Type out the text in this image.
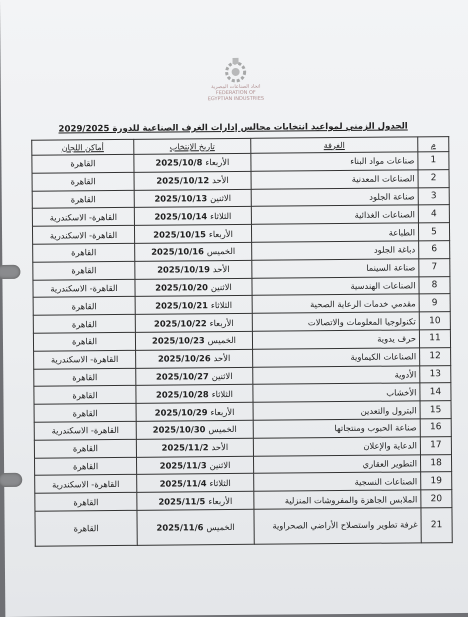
اتحاد الصناعات المصرية
FEDERATION OF EGYPTIAN INDUSTRIES
الجدول الزمني لمواعيد انتخابات مجالس إدارات الغرف الصناعية للدورة 2029/2025
م	الغرفة	تاريخ الإنتخاب	أماكن اللجان
1	صناعات مواد البناء	الأربعاء 2025/10/8	القاهرة
2	الصناعات المعدنية	الأحد 2025/10/12	القاهرة
3	صناعة الجلود	الاثنين 2025/10/13	القاهرة
4	الصناعات الغذائية	الثلاثاء 2025/10/14	القاهرة- الاسكندرية
5	الطباعة	الأربعاء 2025/10/15	القاهرة- الاسكندرية
6	دباغة الجلود	الخميس 2025/10/16	القاهرة
7	صناعة السينما	الأحد 2025/10/19	القاهرة
8	الصناعات الهندسية	الاثنين 2025/10/20	القاهرة- الاسكندرية
9	مقدمي خدمات الرعاية الصحية	الثلاثاء 2025/10/21	القاهرة
10	تكنولوجيا المعلومات والاتصالات	الأربعاء 2025/10/22	القاهرة
11	حرف يدوية	الخميس 2025/10/23	القاهرة
12	الصناعات الكيماوية	الأحد 2025/10/26	القاهرة- الاسكندرية
13	الأدوية	الاثنين 2025/10/27	القاهرة
14	الأخشاب	الثلاثاء 2025/10/28	القاهرة
15	البترول والتعدين	الأربعاء 2025/10/29	القاهرة
16	صناعة الحبوب ومنتجاتها	الخميس 2025/10/30	القاهرة- الاسكندرية
17	الدعاية والإعلان	الأحد 2025/11/2	القاهرة
18	التطوير العقاري	الاثنين 2025/11/3	القاهرة
19	الصناعات النسجية	الثلاثاء 2025/11/4	القاهرة- الاسكندرية
20	الملابس الجاهزة والمفروشات المنزلية	الأربعاء 2025/11/5	القاهرة
21	غرفة تطوير واستصلاح الأراضي الصحراوية	الخميس 2025/11/6	القاهرة
